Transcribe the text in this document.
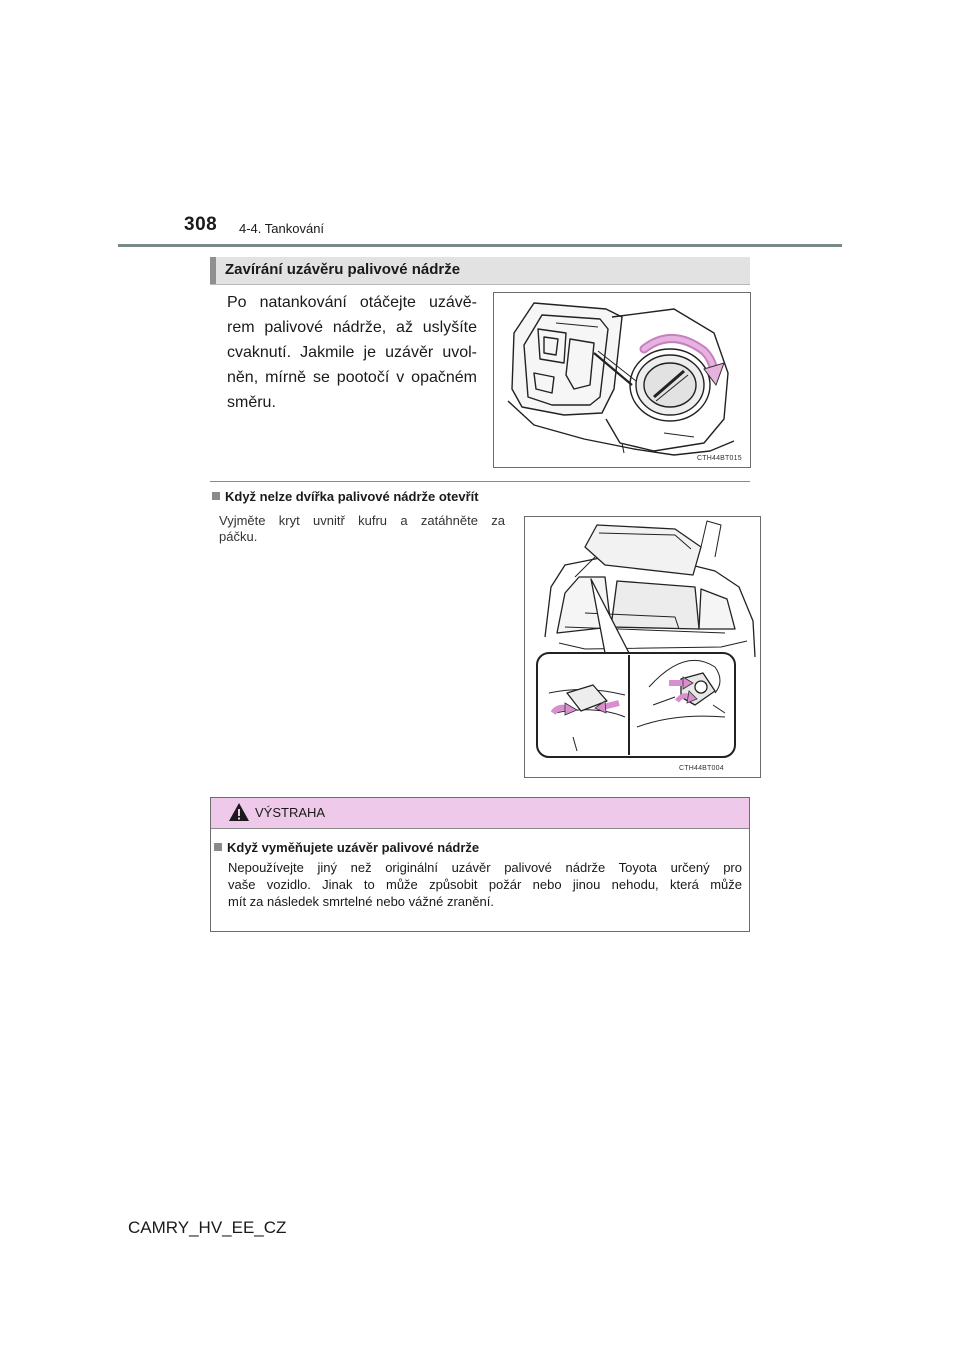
308 4-4. Tankování
Zavírání uzávěru palivové nádrže
Po natankování otáčejte uzávě-
rem palivové nádrže, až uslyšíte
cvaknutí. Jakmile je uzávěr uvol-
něn, mírně se pootočí v opačném
směru.
CTH44BT015
Když nelze dvířka palivové nádrže otevřít
Vyjměte kryt uvnitř kufru a zatáhněte za
páčku.
CTH44BT004
VÝSTRAHA
Když vyměňujete uzávěr palivové nádrže
Nepoužívejte jiný než originální uzávěr palivové nádrže Toyota určený pro
vaše vozidlo. Jinak to může způsobit požár nebo jinou nehodu, která může
mít za následek smrtelné nebo vážné zranění.
CAMRY_HV_EE_CZ
